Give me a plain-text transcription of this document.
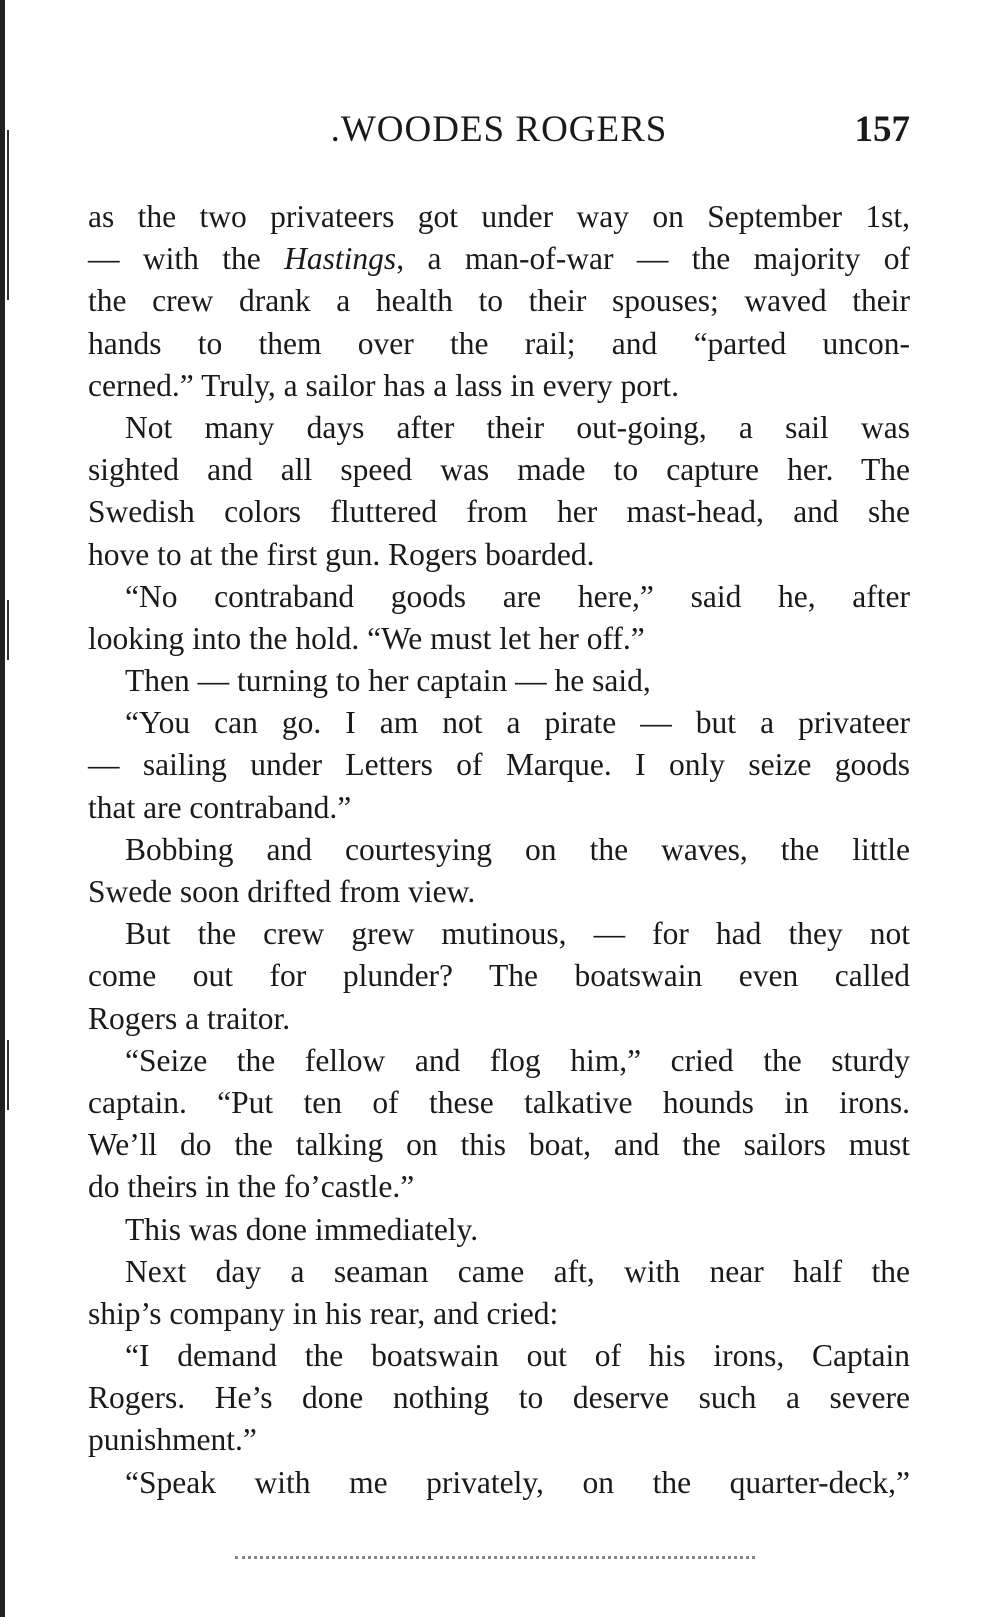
.WOODES ROGERS	157
as the two privateers got under way on September 1st,
— with the Hastings, a man-of-war — the majority of
the crew drank a health to their spouses; waved their
hands to them over the rail; and “parted uncon-
cerned.” Truly, a sailor has a lass in every port.
Not many days after their out-going, a sail was
sighted and all speed was made to capture her. The
Swedish colors fluttered from her mast-head, and she
hove to at the first gun. Rogers boarded.
“No contraband goods are here,” said he, after
looking into the hold. “We must let her off.”
Then — turning to her captain — he said,
“You can go. I am not a pirate — but a privateer
— sailing under Letters of Marque. I only seize goods
that are contraband.”
Bobbing and courtesying on the waves, the little
Swede soon drifted from view.
But the crew grew mutinous, — for had they not
come out for plunder? The boatswain even called
Rogers a traitor.
“Seize the fellow and flog him,” cried the sturdy
captain. “Put ten of these talkative hounds in irons.
We’ll do the talking on this boat, and the sailors must
do theirs in the fo’castle.”
This was done immediately.
Next day a seaman came aft, with near half the
ship’s company in his rear, and cried:
“I demand the boatswain out of his irons, Captain
Rogers. He’s done nothing to deserve such a severe
punishment.”
“Speak with me privately, on the quarter-deck,”
